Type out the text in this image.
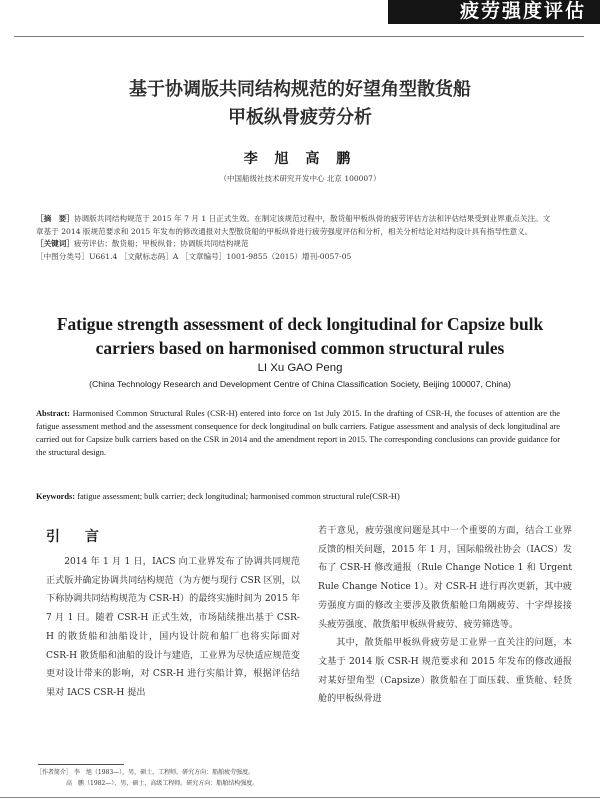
疲劳强度评估
基于协调版共同结构规范的好望角型散货船
甲板纵骨疲劳分析
李 旭 高 鹏
（中国船级社技术研究开发中心 北京 100007）

［摘　要］协调版共同结构规范于 2015 年 7 月 1 日正式生效。在制定该规范过程中，散货船甲板纵骨的疲劳评估方法和评估结果受到业界重点关注。文章基于 2014 版规范要求和 2015 年发布的修改通报对大型散货船的甲板纵骨进行疲劳强度评估和分析，相关分析结论对结构设计具有指导性意义。

［关键词］疲劳评估；散货船；甲板纵骨；协调版共同结构规范

［中图分类号］U661.4 ［文献标志码］A ［文章编号］1001-9855（2015）增刊-0057-05

Fatigue strength assessment of deck longitudinal for Capsize bulk
carriers based on harmonised common structural rules
LI Xu GAO Peng
(China Technology Research and Development Centre of China Classification Society, Beijing 100007, China)

Abstract: Harmonised Common Structural Rules (CSR-H) entered into force on 1st July 2015. In the drafting of CSR-H, the focuses of attention are the fatigue assessment method and the assessment consequence for deck longitudinal on bulk carriers. Fatigue assessment and analysis of deck longitudinal are carried out for Capsize bulk carriers based on the CSR in 2014 and the amendment report in 2015. The corresponding conclusions can provide guidance for the structural design.

Keywords: fatigue assessment; bulk carrier; deck longitudinal; harmonised common structural rule(CSR-H)
引 言

2014 年 1 月 1 日，IACS 向工业界发布了协调共同规范正式版并确定协调共同结构规范（为方便与现行 CSR 区别，以下称协调共同结构规范为 CSR-H）的最终实施时间为 2015 年 7 月 1 日。随着 CSR-H 正式生效，市场陆续推出基于 CSR-H 的散货船和油船设计，国内设计院和船厂也将实际面对 CSR-H 散货船和油船的设计与建造，工业界为尽快适应规范变更对设计带来的影响，对 CSR-H 进行实船计算，根据评估结果对 IACS CSR-H 提出

若干意见，疲劳强度问题是其中一个重要的方面，结合工业界反馈的相关问题，2015 年 1 月，国际船级社协会（IACS）发布了 CSR-H 修改通报（Rule Change Notice 1 和 Urgent Rule Change Notice 1）。对 CSR-H 进行再次更新，其中疲劳强度方面的修改主要涉及散货船舱口角隅疲劳、十字焊接接头疲劳强度、散货船甲板纵骨疲劳、疲劳筛选等。

其中，散货船甲板纵骨疲劳是工业界一直关注的问题，本文基于 2014 版 CSR-H 规范要求和 2015 年发布的修改通报对某好望角型（Capsize）散货船在丁面压载、重货舱、轻货舱的甲板纵骨进

［作者简介］ 李　旭（1983—），男，硕士，工程师。研究方向：船舶疲劳强度。

高　鹏（1982—），男，硕士，高级工程师。研究方向：船舶结构强度。
